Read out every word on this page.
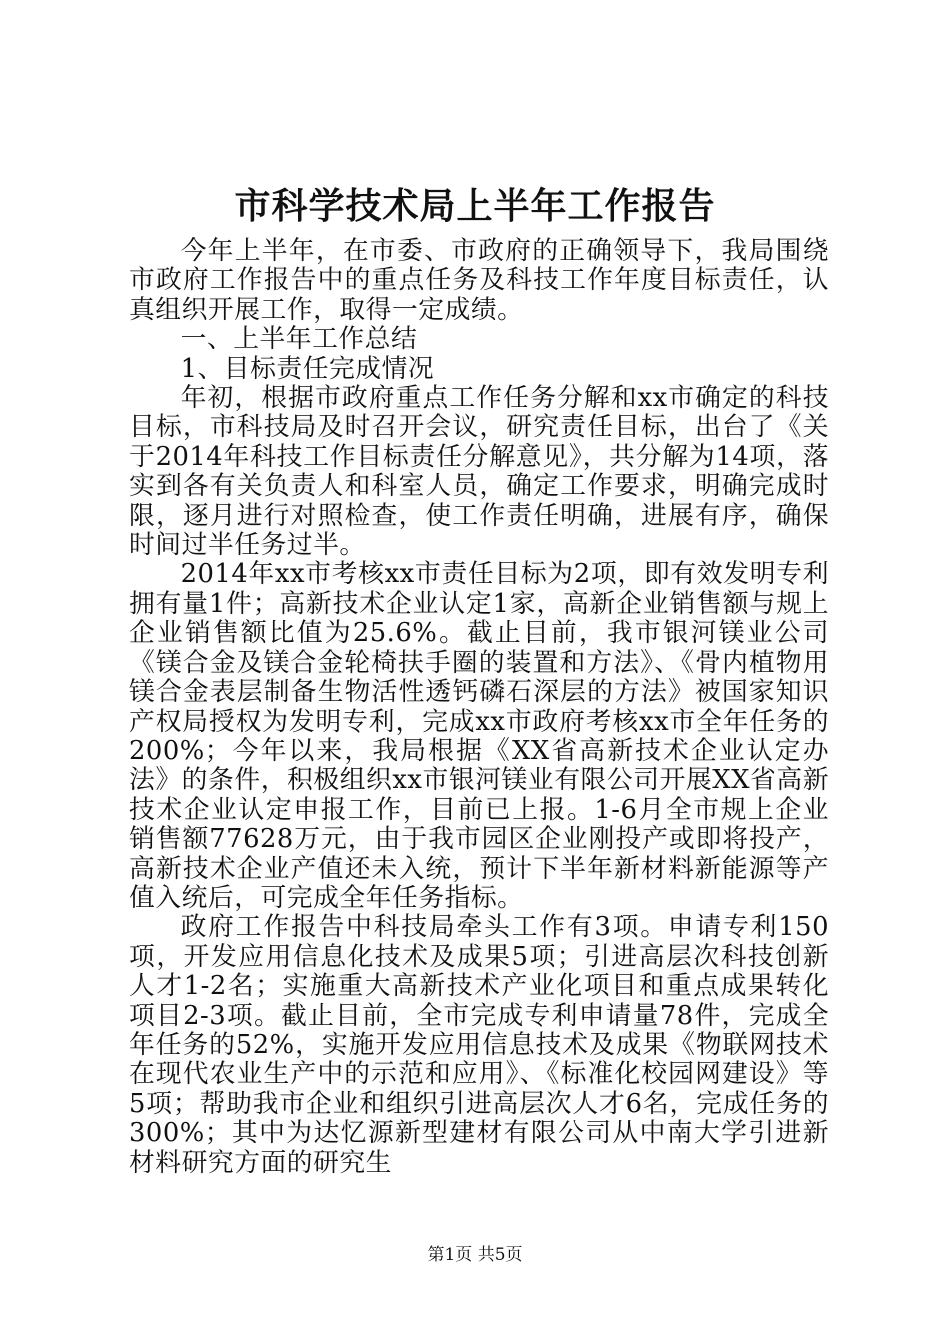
市科学技术局上半年工作报告

今年上半年，在市委、市政府的正确领导下，我局围绕市政府工作报告中的重点任务及科技工作年度目标责任，认真组织开展工作，取得一定成绩。

一、上半年工作总结

1、目标责任完成情况

年初，根据市政府重点工作任务分解和xx市确定的科技目标，市科技局及时召开会议，研究责任目标，出台了《关于2014年科技工作目标责任分解意见》，共分解为14项，落实到各有关负责人和科室人员，确定工作要求，明确完成时限，逐月进行对照检查，使工作责任明确，进展有序，确保时间过半任务过半。

2014年xx市考核xx市责任目标为2项，即有效发明专利拥有量1件；高新技术企业认定1家，高新企业销售额与规上企业销售额比值为25.6%。截止目前，我市银河镁业公司《镁合金及镁合金轮椅扶手圈的装置和方法》、《骨内植物用镁合金表层制备生物活性透钙磷石深层的方法》被国家知识产权局授权为发明专利，完成xx市政府考核xx市全年任务的200%；今年以来，我局根据《XX省高新技术企业认定办法》的条件，积极组织xx市银河镁业有限公司开展XX省高新技术企业认定申报工作，目前已上报。1-6月全市规上企业销售额77628万元，由于我市园区企业刚投产或即将投产，高新技术企业产值还未入统，预计下半年新材料新能源等产值入统后，可完成全年任务指标。

政府工作报告中科技局牵头工作有3项。申请专利150项，开发应用信息化技术及成果5项；引进高层次科技创新人才1-2名；实施重大高新技术产业化项目和重点成果转化项目2-3项。截止目前，全市完成专利申请量78件，完成全年任务的52%，实施开发应用信息技术及成果《物联网技术在现代农业生产中的示范和应用》、《标准化校园网建设》等5项；帮助我市企业和组织引进高层次人才6名，完成任务的300%；其中为达忆源新型建材有限公司从中南大学引进新材料研究方面的研究生

第1页 共5页
